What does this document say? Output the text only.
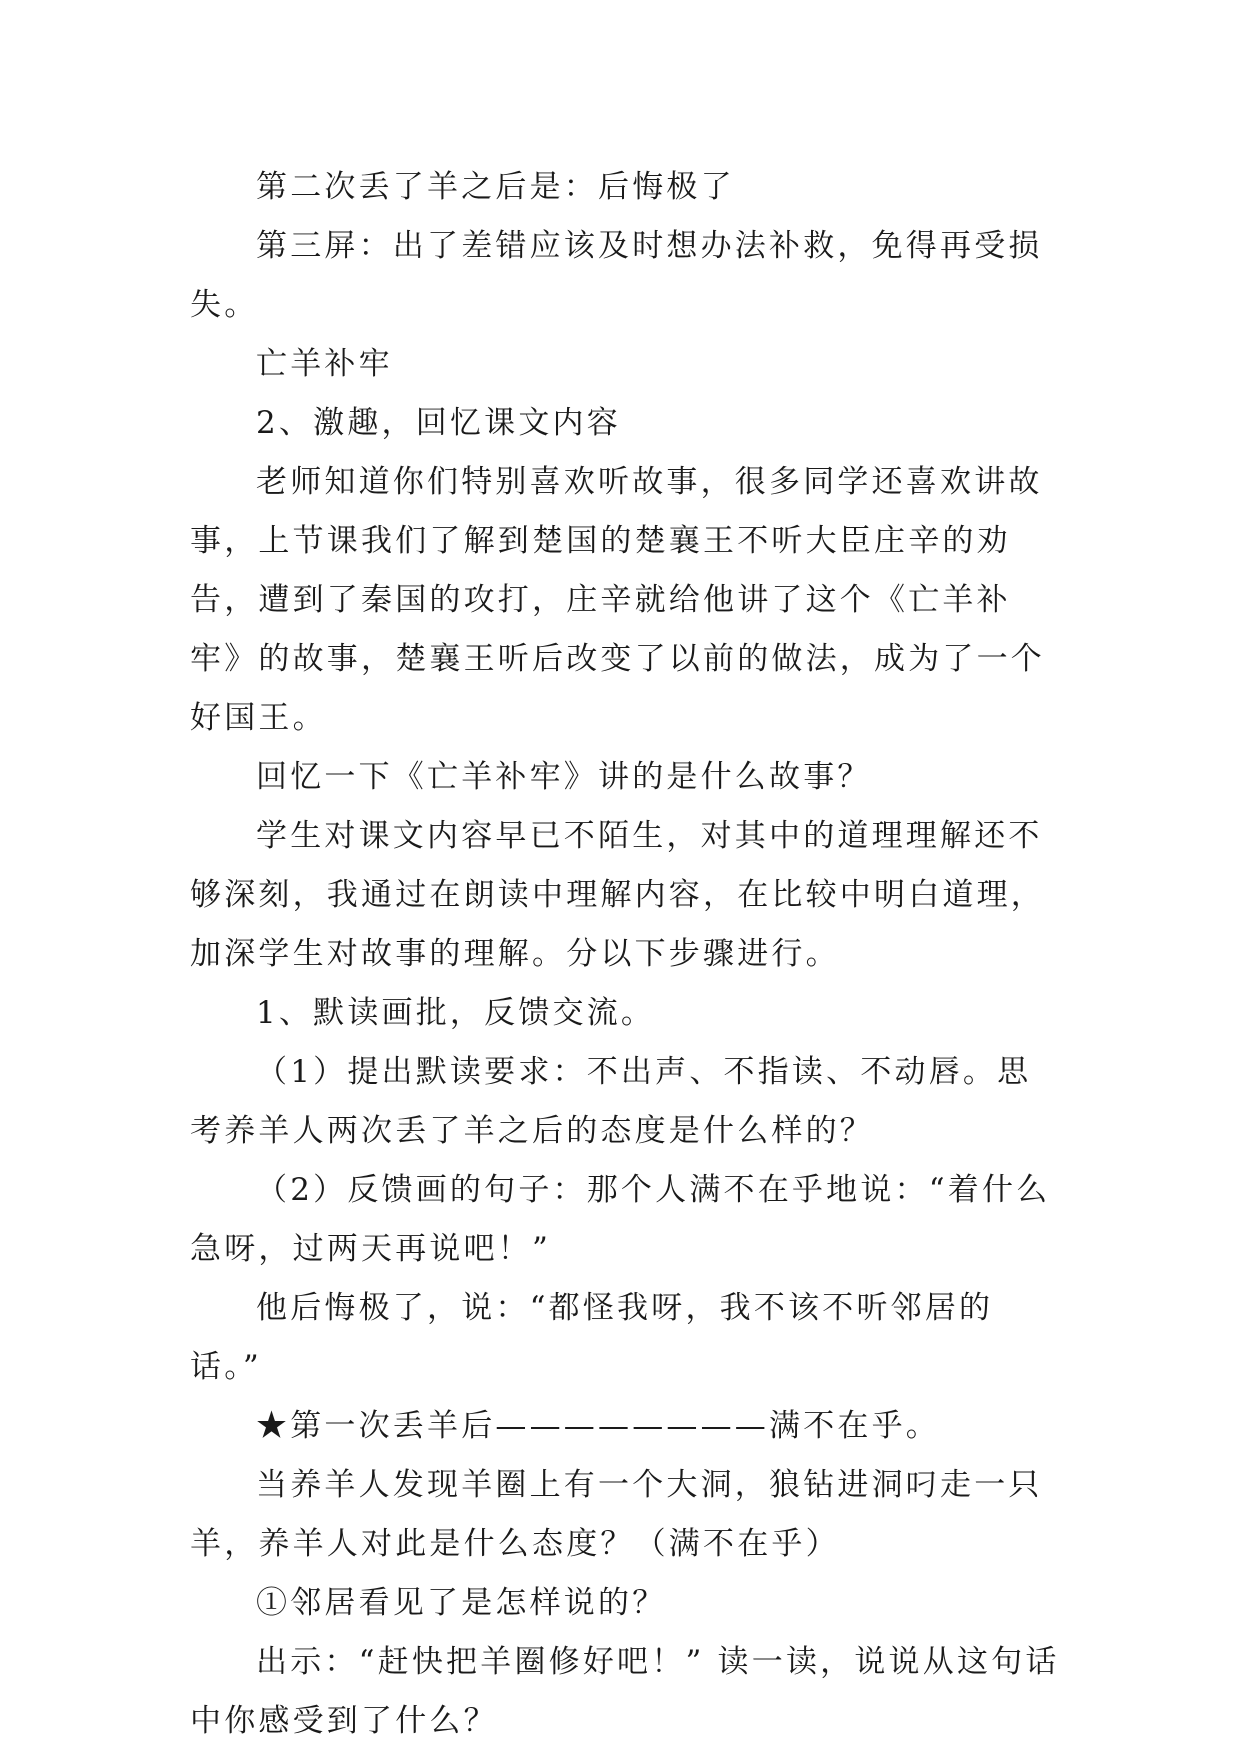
第二次丢了羊之后是：后悔极了

第三屏：出了差错应该及时想办法补救，免得再受损失。

亡羊补牢

2、激趣，回忆课文内容

老师知道你们特别喜欢听故事，很多同学还喜欢讲故事，上节课我们了解到楚国的楚襄王不听大臣庄辛的劝告，遭到了秦国的攻打，庄辛就给他讲了这个《亡羊补牢》的故事，楚襄王听后改变了以前的做法，成为了一个好国王。

回忆一下《亡羊补牢》讲的是什么故事？

学生对课文内容早已不陌生，对其中的道理理解还不够深刻，我通过在朗读中理解内容，在比较中明白道理，加深学生对故事的理解。分以下步骤进行。

1、默读画批，反馈交流。

（1）提出默读要求：不出声、不指读、不动唇。思考养羊人两次丢了羊之后的态度是什么样的？

（2）反馈画的句子：那个人满不在乎地说：“着什么急呀，过两天再说吧！”

他后悔极了，说：“都怪我呀，我不该不听邻居的话。”

★第一次丢羊后————————满不在乎。

当养羊人发现羊圈上有一个大洞，狼钻进洞叼走一只羊，养羊人对此是什么态度？（满不在乎）

①邻居看见了是怎样说的？

出示：“赶快把羊圈修好吧！” 读一读，说说从这句话中你感受到了什么？
